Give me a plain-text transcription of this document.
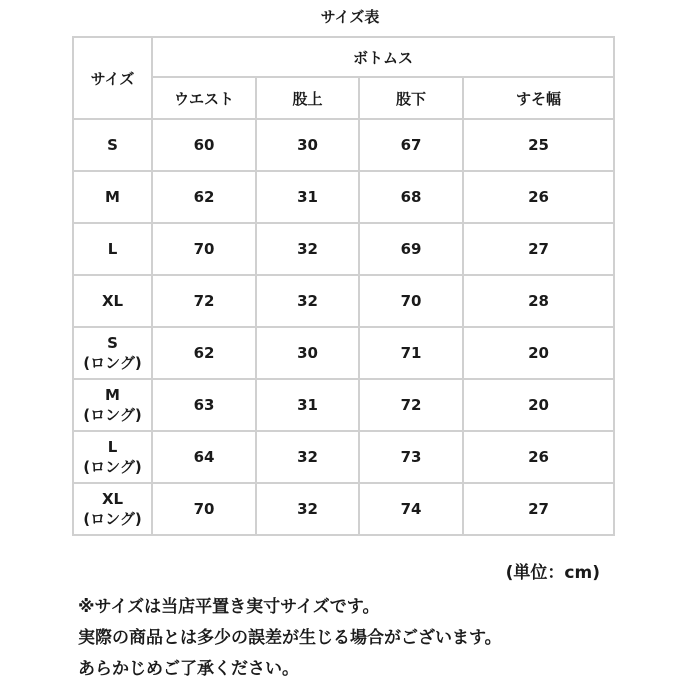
サイズ表
サイズ	ボトムス			
	ウエスト	股上	股下	すそ幅

S	60	30	67	25

M	62	31	68	26

L	70	32	69	27

XL	72	32	70	28

S
(ロング)	62	30	71	20

M
(ロング)	63	31	72	20

L
(ロング)	64	32	73	26

XL
(ロング)	70	32	74	27
(単位：cm)
※サイズは当店平置き実寸サイズです。
実際の商品とは多少の誤差が生じる場合がございます。
あらかじめご了承ください。
